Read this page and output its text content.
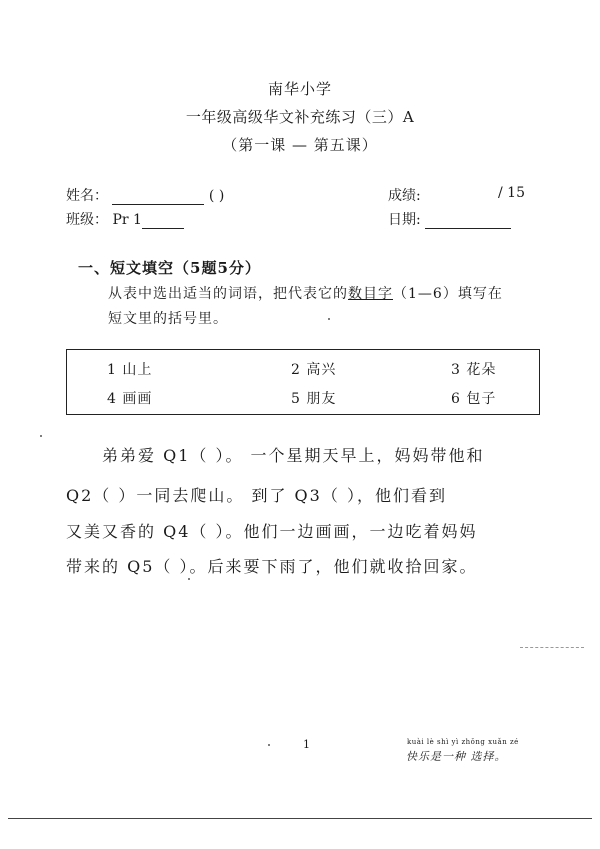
南华小学
一年级高级华文补充练习（三）A
（第一课 — 第五课）
姓名：	( )	成绩:	/ 15
班级： Pr 1	日期:
一、短文填空（5题5分）
从表中选出适当的词语，把代表它的数目字（1—6）填写在
短文里的括号里。
1 山上	2 高兴	3 花朵
4 画画	5 朋友	6 包子
弟弟爱 Q1（ ）。 一个星期天早上，妈妈带他和
Q2（ ）一同去爬山。 到了 Q3（ ），他们看到
又美又香的 Q4（ ）。他们一边画画，一边吃着妈妈
带来的 Q5（ ）。后来要下雨了，他们就收拾回家。
1	kuài lè shì yì zhǒng xuǎn zé
快乐是一种 选择。
